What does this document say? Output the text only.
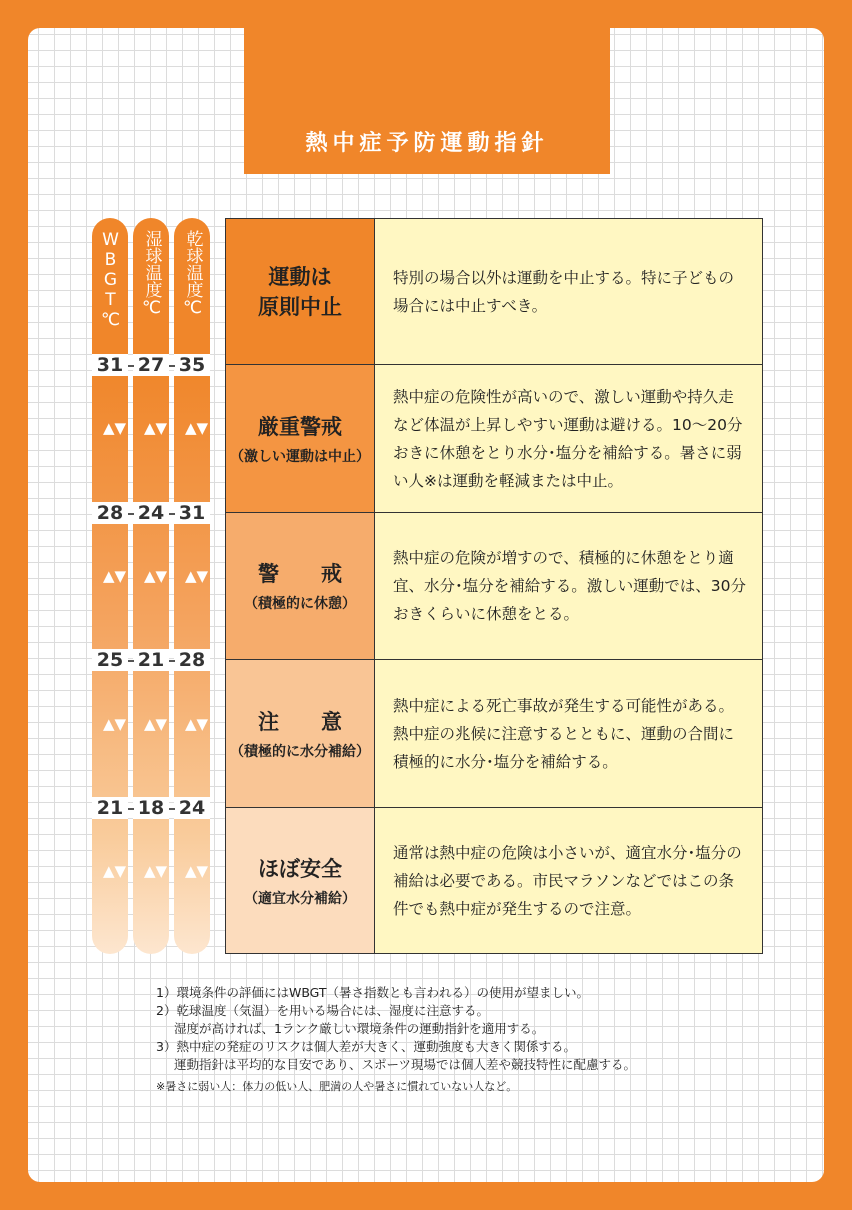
熱中症予防運動指針
WBGT℃	湿球温度℃	乾球温度℃
31 27 35
28 24 31
25 21 28
21 18 24
▲▼ ▲▼ ▲▼
▲▼ ▲▼ ▲▼
▲▼ ▲▼ ▲▼
▲▼ ▲▼ ▲▼
運動は
原則中止	特別の場合以外は運動を中止する。特に子どもの場合には中止すべき。

厳重警戒
（激しい運動は中止）	熱中症の危険性が高いので、激しい運動や持久走など体温が上昇しやすい運動は避ける。10〜20分おきに休憩をとり水分･塩分を補給する。暑さに弱い人※は運動を軽減または中止。

警　　戒
（積極的に休憩）	熱中症の危険が増すので、積極的に休憩をとり適宜、水分･塩分を補給する。激しい運動では、30分おきくらいに休憩をとる。

注　　意
（積極的に水分補給）	熱中症による死亡事故が発生する可能性がある。熱中症の兆候に注意するとともに、運動の合間に積極的に水分･塩分を補給する。

ほぼ安全
（適宜水分補給）	通常は熱中症の危険は小さいが、適宜水分･塩分の補給は必要である。市民マラソンなどではこの条件でも熱中症が発生するので注意。
1）環境条件の評価にはWBGT（暑さ指数とも言われる）の使用が望ましい。
2）乾球温度（気温）を用いる場合には、湿度に注意する。
湿度が高ければ、1ランク厳しい環境条件の運動指針を適用する。
3）熱中症の発症のリスクは個人差が大きく、運動強度も大きく関係する。
運動指針は平均的な目安であり、スポーツ現場では個人差や競技特性に配慮する。
※暑さに弱い人：体力の低い人、肥満の人や暑さに慣れていない人など。
